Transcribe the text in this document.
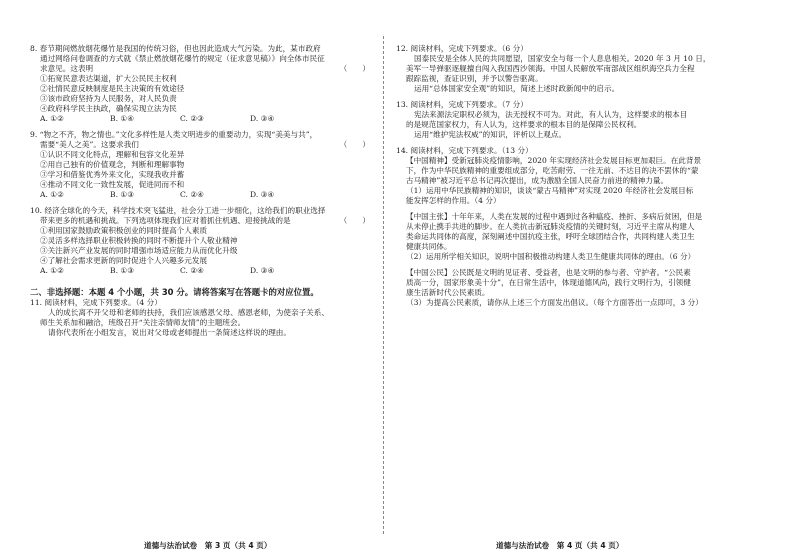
8. 春节期间燃放烟花爆竹是我国的传统习俗，但也因此造成大气污染。为此，某市政府
通过网络问卷调查的方式就《禁止燃放烟花爆竹的规定（征求意见稿）》向全体市民征
求意见。这表明	（　　）
①拓宽民意表达渠道，扩大公民民主权利
②社情民意反映制度是民主决策的有效途径
③该市政府坚持为人民服务，对人民负责
④政府科学民主执政，确保实现立法为民
A. ①②	B. ①④	C. ②③	D. ③④
9. “物之不齐，物之情也。”文化多样性是人类文明进步的重要动力，实现“美美与共”，
需要“美人之美”。这要求我们	（　　）
①认识不同文化特点，理解和包容文化差异
②用自己独有的价值观念，判断和理解事物
③学习和借鉴优秀外来文化，实现我收并蓄
④推动不同文化一致性发展，促进同而不和
A. ①②	B. ①③	C. ②④	D. ③④
10. 经济全球化的今天，科学技术突飞猛进，社会分工进一步细化，这给我们的职业选择
带来更多的机遇和挑战。下列选项体现我们应对着抓住机遇、迎接挑战的是	（　　）
①利用国家鼓励政策积极创业的同时提高个人素质
②灵活多样选择职业积极转换的同时不断提升个人敬业精神
③关注新兴产业发展的同时增强市场适应能力从而优化升级
④了解社会需求更新的同时促进个人兴趣多元发展
A. ①②	B. ①③	C. ②④	D. ③④
二、非选择题：本题 4 个小题，共 30 分。请将答案写在答题卡的对应位置。
11. 阅读材料，完成下列要求。（4 分）
人的成长离不开父母和老师的扶持，我们应该感恩父母、感恩老师，为使亲子关系、
师生关系加和融洽，班级召开“关注亲情师友情”的主题班会。
请你代表所在小组发言，说出对父母或老师提出一条简述这样说的理由。
12. 阅读材料，完成下列要求。（6 分）
国泰民安是全体人民的共同愿望，国家安全与每一个人息息相关。2020 年 3 月 10 日，
美军一导弹驱逐舰擅自闯入我国西沙领海。中国人民解放军南部战区组织海空兵力全程
跟踪监视，查证识别，并予以警告驱离。
运用“总体国家安全观”的知识，简述上述时政新闻中的启示。
13. 阅读材料，完成下列要求。（7 分）
宪法来源法定职权必须为，法无授权不可为。对此，有人认为，这样要求的根本目
的是规范国家权力，有人认为，这样要求的根本目的是保障公民权利。
运用“维护宪法权威”的知识，评析以上观点。
14. 阅读材料，完成下列要求。（13 分）
【中国精神】受新冠肺炎疫情影响，2020 年实现经济社会发展目标更加艰巨。在此背景
下，作为中华民族精神的重要组成部分，吃苦耐劳、一往无前、不达目的决不罢休的“蒙
古马精神”被习近平总书记再次提出，成为激励全国人民奋力前进的精神力量。
（1）运用中华民族精神的知识，谈谈“蒙古马精神”对实现 2020 年经济社会发展目标
能发挥怎样的作用。（4 分）
【中国主张】十年年来，人类在发展的过程中遇到过各种瘟疫、挫折、多病后贫困，但是
从未停止携手共进的脚步。在人类抗击新冠肺炎疫情的关键时刻，习近平主席从构建人
类命运共同体的高度，深刻阐述中国抗疫主张，呼吁全球团结合作，共同构建人类卫生
健康共同体。
（2）运用所学相关知识，说明中国积极推动构建人类卫生健康共同体的理由。（6 分）
【中国公民】公民既是文明的见证者、受益者，也是文明的参与者、守护者。“公民素
质高一分，国家形象美十分”，在日常生活中，体现道德风尚，践行文明行为，引领健
康生活新时代公民素质。
（3）为提高公民素质，请你从上述三个方面发出倡议。（每个方面答出一点即可，3 分）
道德与法治试卷　第 3 页（共 4 页）	道德与法治试卷　第 4 页（共 4 页）
